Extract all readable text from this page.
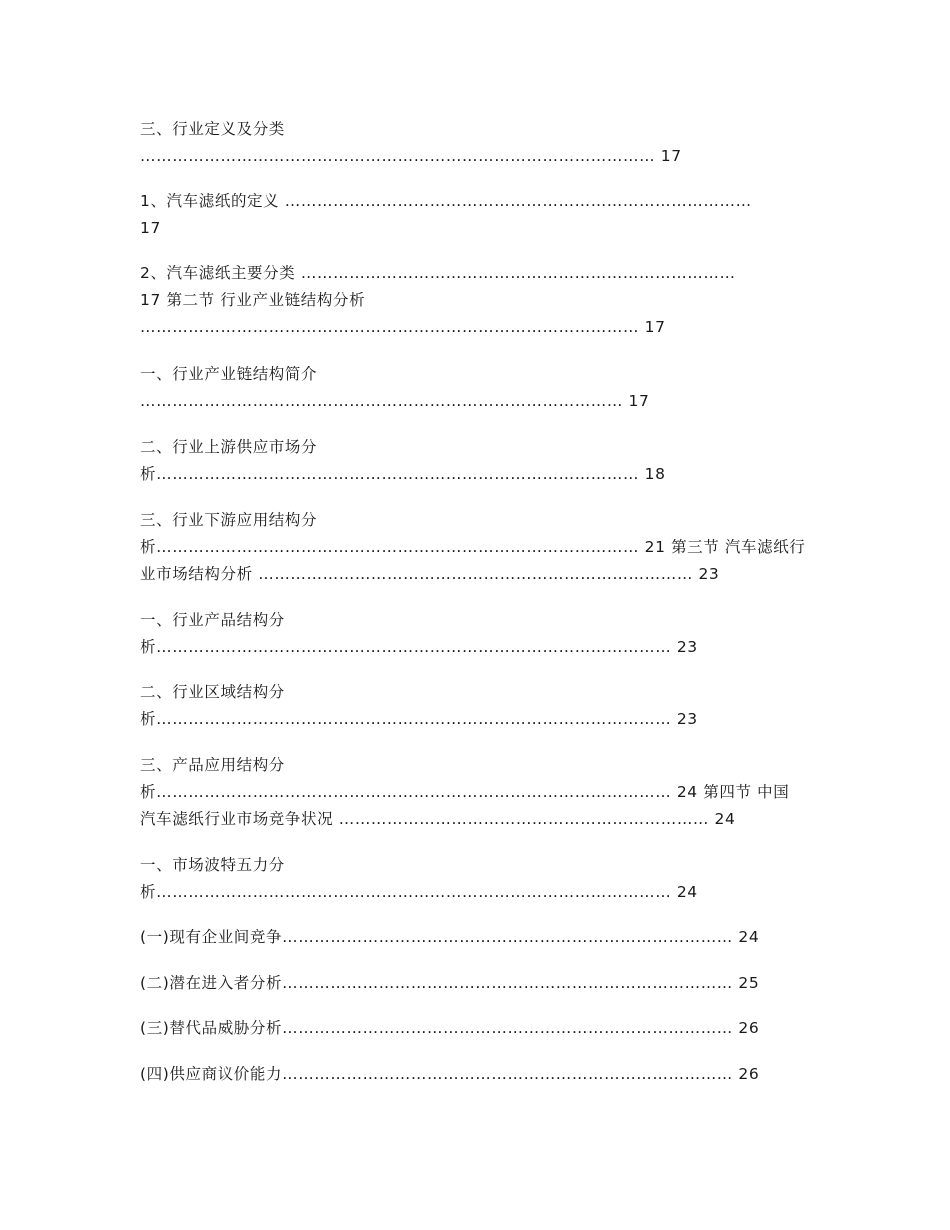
三、行业定义及分类
…………………………………………………………………………………… 17

1、汽车滤纸的定义 ……………………………………………………………………………
17

2、汽车滤纸主要分类 ………………………………………………………………………
17 第二节 行业产业链结构分析
………………………………………………………………………………… 17

一、行业产业链结构简介
……………………………………………………………………………… 17

二、行业上游供应市场分
析……………………………………………………………………………… 18

三、行业下游应用结构分
析……………………………………………………………………………… 21 第三节 汽车滤纸行
业市场结构分析 ……………………………………………………………………… 23

一、行业产品结构分
析…………………………………………………………………………………… 23

二、行业区域结构分
析…………………………………………………………………………………… 23

三、产品应用结构分
析…………………………………………………………………………………… 24 第四节 中国
汽车滤纸行业市场竞争状况 …………………………………………………………… 24

一、市场波特五力分
析…………………………………………………………………………………… 24

(一)现有企业间竞争………………………………………………………………………… 24

(二)潜在进入者分析………………………………………………………………………… 25

(三)替代品威胁分析………………………………………………………………………… 26

(四)供应商议价能力………………………………………………………………………… 26
